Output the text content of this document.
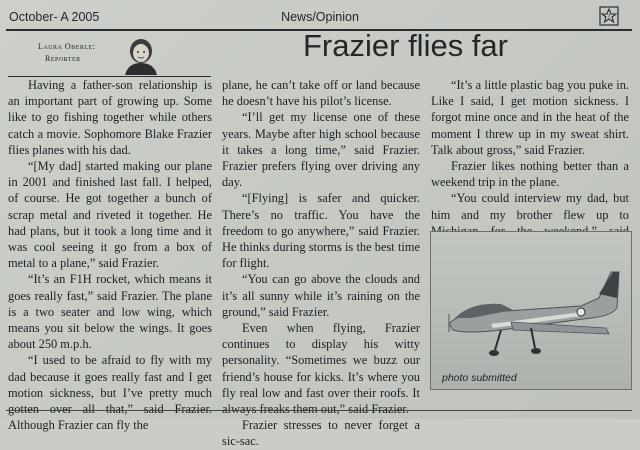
October- A 2005	News/Opinion	7
Laura Oberle:
Reporter	Frazier flies far

Having a father-son relationship is an important part of growing up. Some like to go fishing together while others catch a movie. Sophomore Blake Frazier flies planes with his dad.

“[My dad] started making our plane in 2001 and finished last fall. I helped, of course. He got together a bunch of scrap metal and riveted it together. He had plans, but it took a long time and it was cool seeing it go from a box of metal to a plane,” said Frazier.

“It’s an F1H rocket, which means it goes really fast,” said Frazier. The plane is a two seater and low wing, which means you sit below the wings. It goes about 250 m.p.h.

“I used to be afraid to fly with my dad because it goes really fast and I get motion sickness, but I’ve pretty much Although Frazier can fly the

plane, he can’t take off or land because he doesn’t have his pilot’s license.

“I’ll get my license one of these years. Maybe after high school because it takes a long time,” said Frazier. Frazier prefers flying over driving any day.

“[Flying] is safer and quicker. There’s no traffic. You have the freedom to go anywhere,” said Frazier. He thinks during storms is the best time for flight.

“You can go above the clouds and it’s all sunny while it’s raining on the ground,” said Frazier.

Even when flying, Frazier continues to display his witty personality. “Sometimes we buzz our friend’s house for kicks. It’s where you fly real low and fast over their roofs. It

Frazier stresses to never forget a sic-sac.

“It’s a little plastic bag you puke in. Like I said, I get motion sickness. I forgot mine once and in the heat of the moment I threw up in my sweat shirt. Talk about gross,” said Frazier.

Frazier likes nothing better than a weekend trip in the plane.

“You could interview my dad, but him and my brother flew up to

photo submitted
